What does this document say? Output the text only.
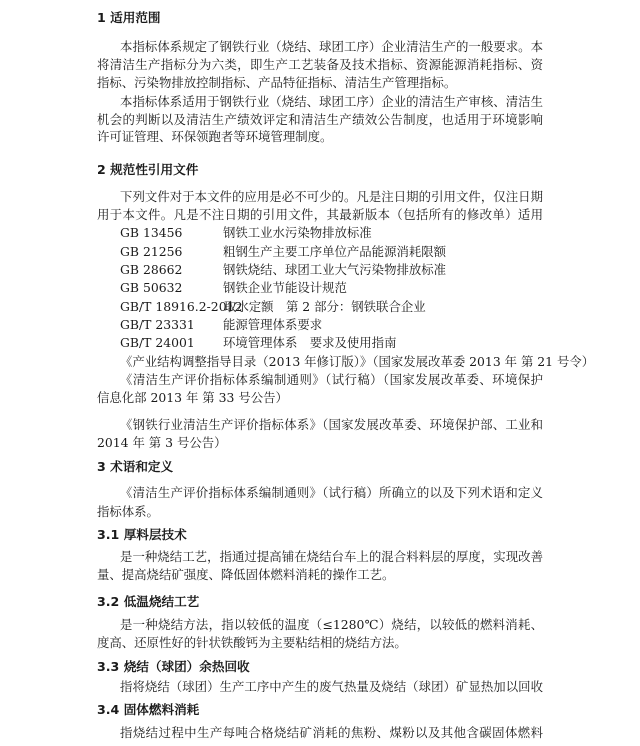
1 适用范围
本指标体系规定了钢铁行业（烧结、球团工序）企业清洁生产的一般要求。本
将清洁生产指标分为六类，即生产工艺装备及技术指标、资源能源消耗指标、资
指标、污染物排放控制指标、产品特征指标、清洁生产管理指标。
本指标体系适用于钢铁行业（烧结、球团工序）企业的清洁生产审核、清洁生
机会的判断以及清洁生产绩效评定和清洁生产绩效公告制度，也适用于环境影响
许可证管理、环保领跑者等环境管理制度。
2 规范性引用文件
下列文件对于本文件的应用是必不可少的。凡是注日期的引用文件，仅注日期
用于本文件。凡是不注日期的引用文件，其最新版本（包括所有的修改单）适用
GB 13456	钢铁工业水污染物排放标准
GB 21256	粗钢生产主要工序单位产品能源消耗限额
GB 28662	钢铁烧结、球团工业大气污染物排放标准
GB 50632	钢铁企业节能设计规范
GB/T 18916.2-2012
取水定额　第 2 部分：钢铁联合企业
GB/T 23331 能源管理体系要求
GB/T 24001 环境管理体系　要求及使用指南
《产业结构调整指导目录（2013 年修订版）》（国家发展改革委 2013 年 第 21 号令）
《清洁生产评价指标体系编制通则》（试行稿）（国家发展改革委、环境保护
信息化部 2013 年 第 33 号公告）
《钢铁行业清洁生产评价指标体系》（国家发展改革委、环境保护部、工业和
2014 年 第 3 号公告）
3 术语和定义
《清洁生产评价指标体系编制通则》（试行稿）所确立的以及下列术语和定义
指标体系。
3.1 厚料层技术
是一种烧结工艺，指通过提高铺在烧结台车上的混合料料层的厚度，实现改善
量、提高烧结矿强度、降低固体燃料消耗的操作工艺。
3.2 低温烧结工艺
是一种烧结方法，指以较低的温度（≤1280℃）烧结，以较低的燃料消耗、
度高、还原性好的针状铁酸钙为主要粘结相的烧结方法。
3.3 烧结（球团）余热回收
指将烧结（球团）生产工序中产生的废气热量及烧结（球团）矿显热加以回收
3.4 固体燃料消耗
指烧结过程中生产每吨合格烧结矿消耗的焦粉、煤粉以及其他含碳固体燃料
